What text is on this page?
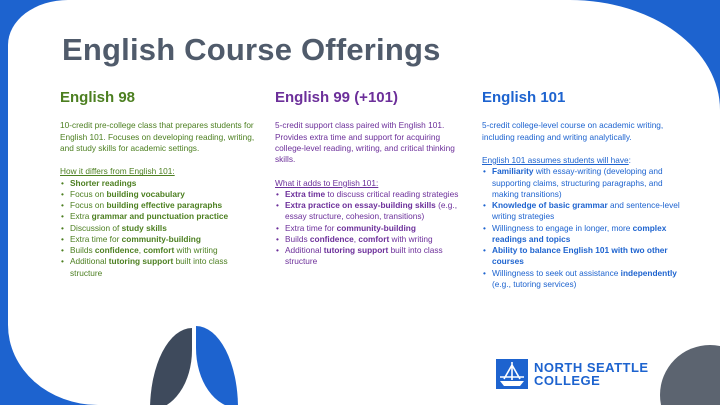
English Course Offerings
English 98

10-credit pre-college class that prepares students for English 101. Focuses on developing reading, writing, and study skills for academic settings.

How it differs from English 101:

• Shorter readings
• Focus on building vocabulary
• Focus on building effective paragraphs
• Extra grammar and punctuation practice
• Discussion of study skills
• Extra time for community-building
• Builds confidence, comfort with writing
• Additional tutoring support built into class structure
English 99 (+101)

5-credit support class paired with English 101. Provides extra time and support for acquiring college-level reading, writing, and critical thinking skills.

What it adds to English 101:

• Extra time to discuss critical reading strategies
• Extra practice on essay-building skills (e.g., essay structure, cohesion, transitions)
• Extra time for community-building
• Builds confidence, comfort with writing
• Additional tutoring support built into class structure
English 101

5-credit college-level course on academic writing, including reading and writing analytically.

English 101 assumes students will have:

• Familiarity with essay-writing (developing and supporting claims, structuring paragraphs, and making transitions)
• Knowledge of basic grammar and sentence-level writing strategies
• Willingness to engage in longer, more complex readings and topics
• Ability to balance English 101 with two other courses
• Willingness to seek out assistance independently (e.g., tutoring services)
NORTH SEATTLE
COLLEGE
